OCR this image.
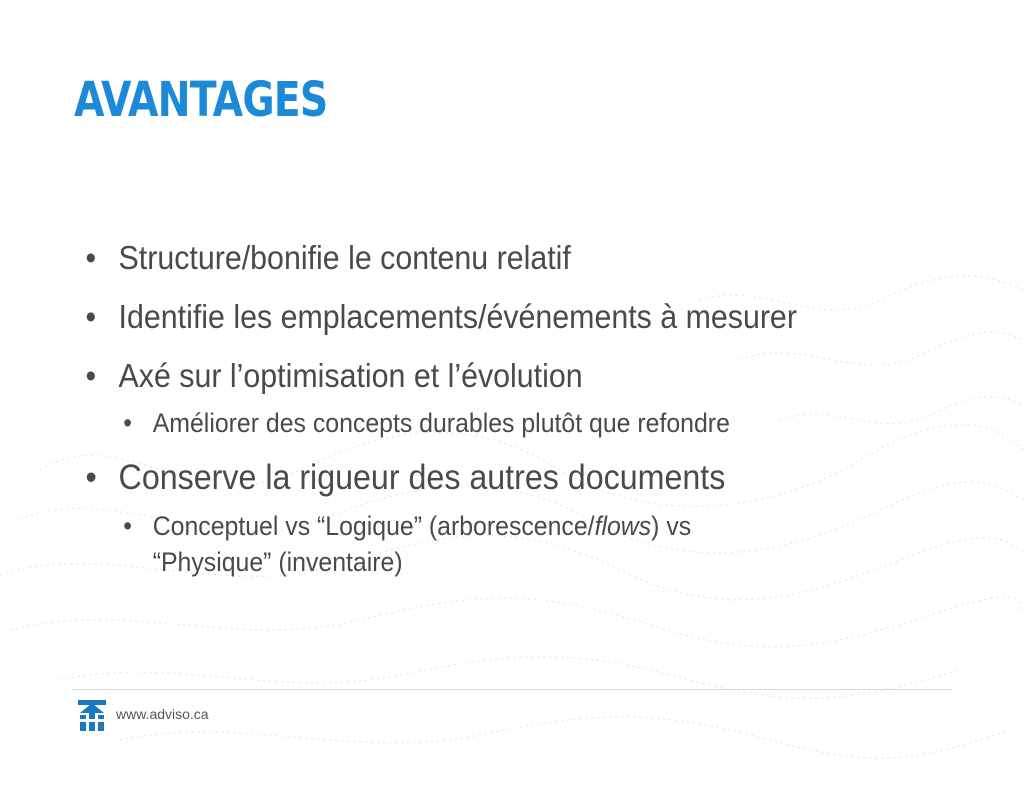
AVANTAGES
• Structure/bonifie le contenu relatif
• Identifie les emplacements/événements à mesurer
• Axé sur l’optimisation et l’évolution
• Améliorer des concepts durables plutôt que refondre
• Conserve la rigueur des autres documents
• Conceptuel vs “Logique” (arborescence/flows) vs
“Physique” (inventaire)
www.adviso.ca
